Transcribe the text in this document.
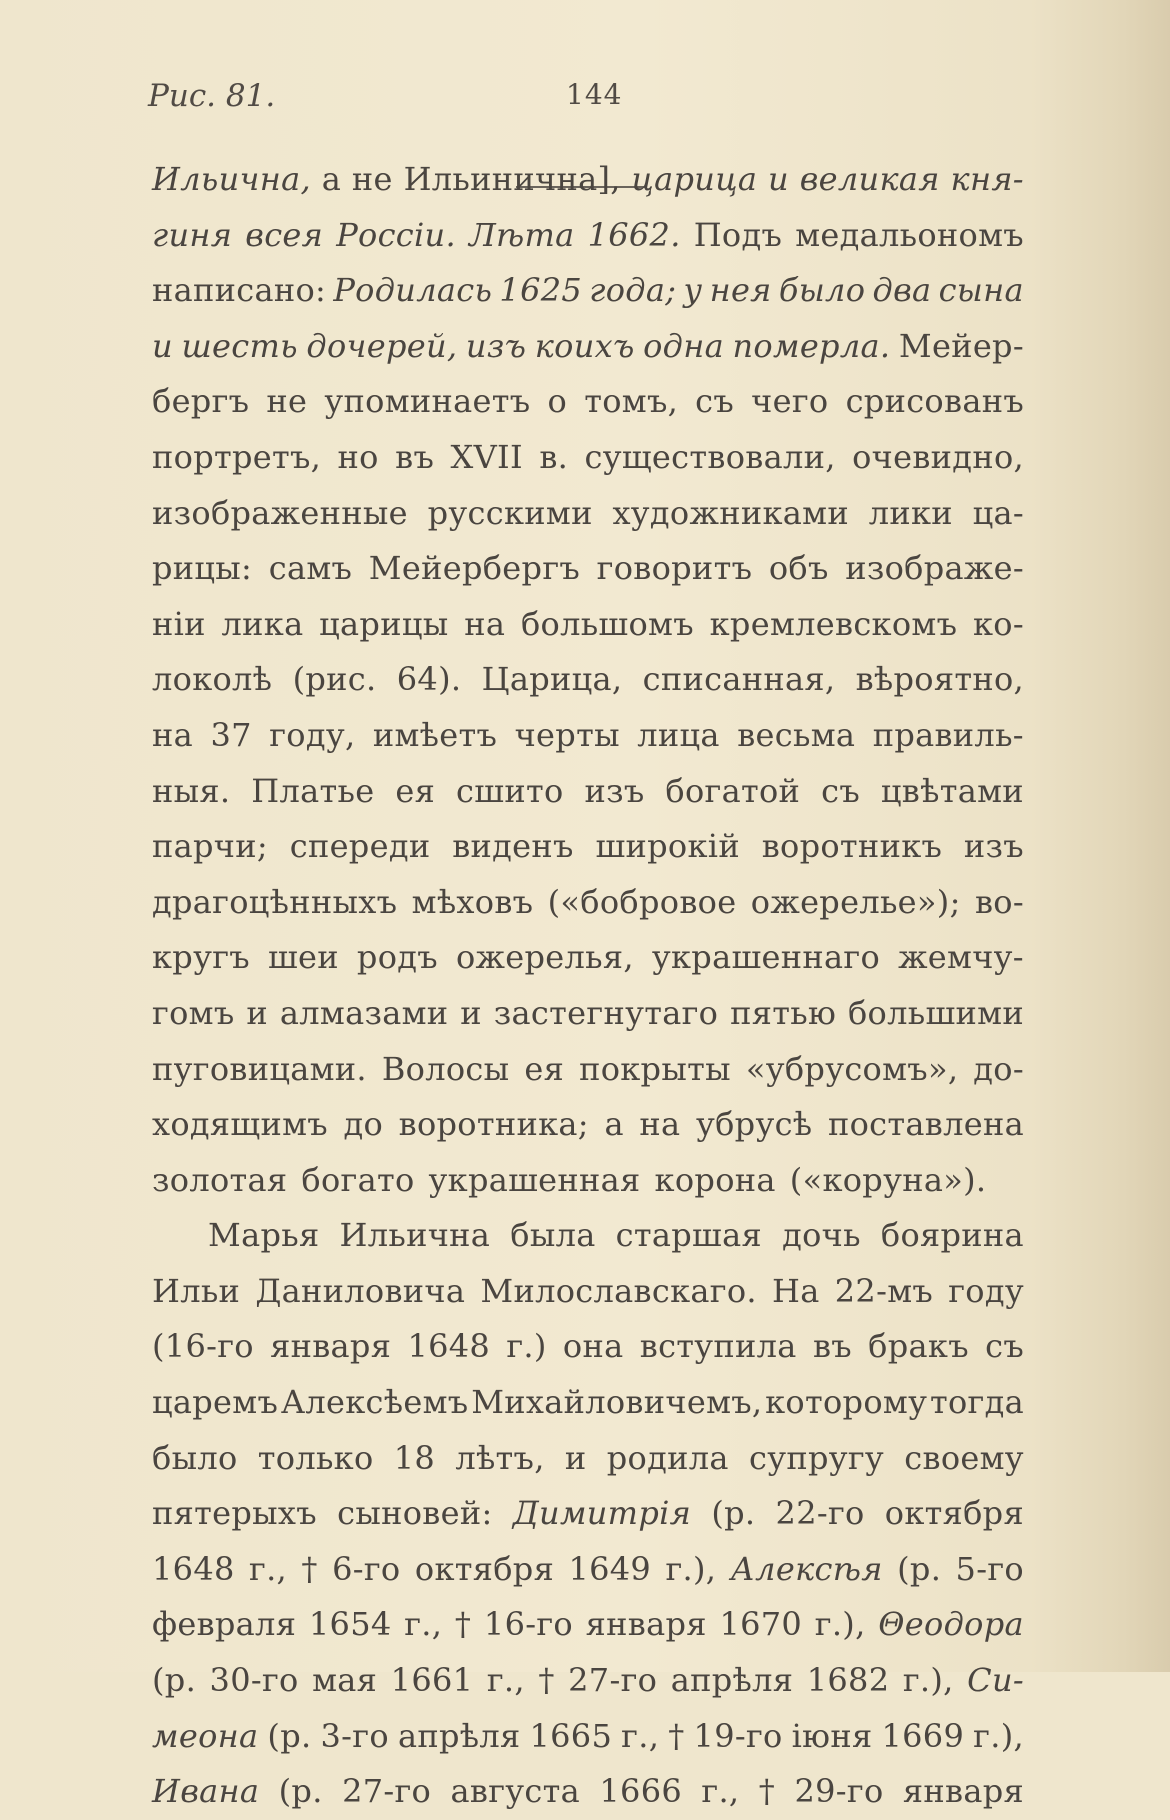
Рис. 81.	144
Ильична, а не Ильинична], царица и великая кня-
гиня всея Россіи. Лѣта 1662. Подъ медальономъ
написано: Родилась 1625 года; у нея было два сына
и шесть дочерей, изъ коихъ одна померла. Мейер-
бергъ не упоминаетъ о томъ, съ чего срисованъ
портретъ, но въ XVII в. существовали, очевидно,
изображенные русскими художниками лики ца-
рицы: самъ Мейербергъ говоритъ объ изображе-
ніи лика царицы на большомъ кремлевскомъ ко-
локолѣ (рис. 64). Царица, списанная, вѣроятно,
на 37 году, имѣетъ черты лица весьма правиль-
ныя. Платье ея сшито изъ богатой съ цвѣтами
парчи; спереди виденъ широкій воротникъ изъ
драгоцѣнныхъ мѣховъ («бобровое ожерелье»); во-
кругъ шеи родъ ожерелья, украшеннаго жемчу-
гомъ и алмазами и застегнутаго пятью большими
пуговицами. Волосы ея покрыты «убрусомъ», до-
ходящимъ до воротника; а на убрусѣ поставлена
золотая богато украшенная корона («коруна»).
Марья Ильична была старшая дочь боярина
Ильи Даниловича Милославскаго. На 22-мъ году
(16-го января 1648 г.) она вступила въ бракъ съ
царемъ Алексѣемъ Михайловичемъ, которому тогда
было только 18 лѣтъ, и родила супругу своему
пятерыхъ сыновей: Димитрія (р. 22-го октября
1648 г., † 6-го октября 1649 г.), Алексѣя (р. 5-го
февраля 1654 г., † 16-го января 1670 г.), Θеодора
(р. 30-го мая 1661 г., † 27-го апрѣля 1682 г.), Си-
меона (р. 3-го апрѣля 1665 г., † 19-го іюня 1669 г.),
Ивана (р. 27-го августа 1666 г., † 29-го января
